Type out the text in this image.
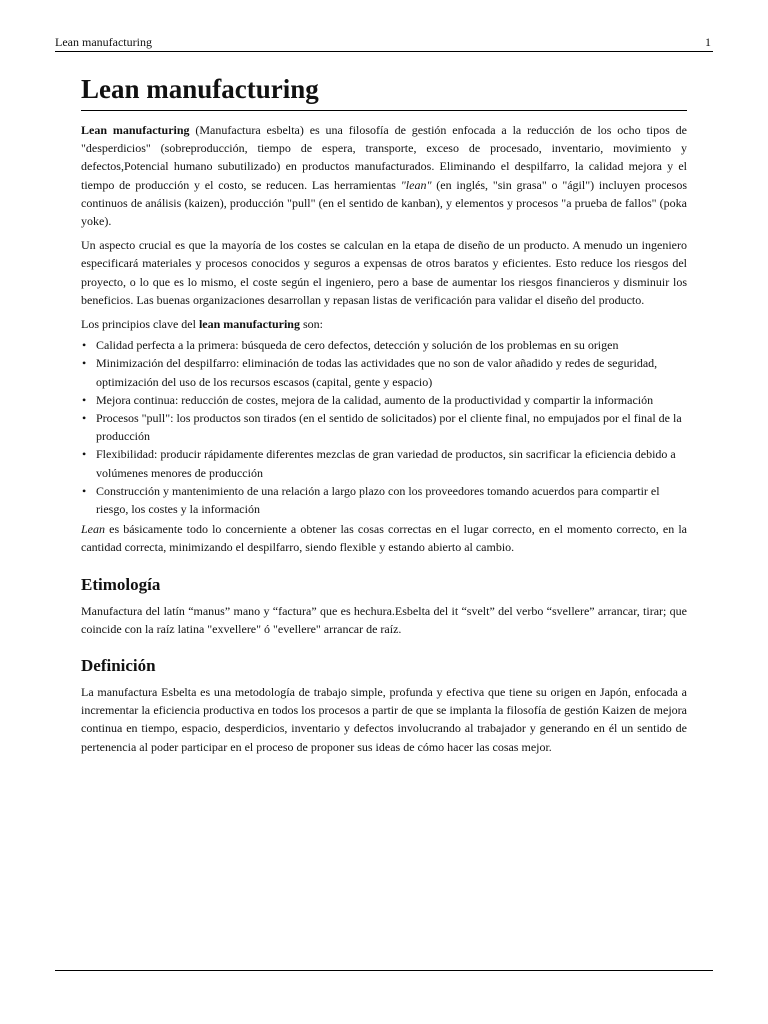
Lean manufacturing	1
Lean manufacturing

Lean manufacturing (Manufactura esbelta) es una filosofía de gestión enfocada a la reducción de los ocho tipos de "desperdicios" (sobreproducción, tiempo de espera, transporte, exceso de procesado, inventario, movimiento y defectos,Potencial humano subutilizado) en productos manufacturados. Eliminando el despilfarro, la calidad mejora y el tiempo de producción y el costo, se reducen. Las herramientas "lean" (en inglés, "sin grasa" o "ágil") incluyen procesos continuos de análisis (kaizen), producción "pull" (en el sentido de kanban), y elementos y procesos "a prueba de fallos" (poka yoke).

Un aspecto crucial es que la mayoría de los costes se calculan en la etapa de diseño de un producto. A menudo un ingeniero especificará materiales y procesos conocidos y seguros a expensas de otros baratos y eficientes. Esto reduce los riesgos del proyecto, o lo que es lo mismo, el coste según el ingeniero, pero a base de aumentar los riesgos financieros y disminuir los beneficios. Las buenas organizaciones desarrollan y repasan listas de verificación para validar el diseño del producto.

Los principios clave del lean manufacturing son:

• Calidad perfecta a la primera: búsqueda de cero defectos, detección y solución de los problemas en su origen
• Minimización del despilfarro: eliminación de todas las actividades que no son de valor añadido y redes de seguridad, optimización del uso de los recursos escasos (capital, gente y espacio)
• Mejora continua: reducción de costes, mejora de la calidad, aumento de la productividad y compartir la información
• Procesos "pull": los productos son tirados (en el sentido de solicitados) por el cliente final, no empujados por el final de la producción
• Flexibilidad: producir rápidamente diferentes mezclas de gran variedad de productos, sin sacrificar la eficiencia debido a volúmenes menores de producción
• Construcción y mantenimiento de una relación a largo plazo con los proveedores tomando acuerdos para compartir el riesgo, los costes y la información

Lean es básicamente todo lo concerniente a obtener las cosas correctas en el lugar correcto, en el momento correcto, en la cantidad correcta, minimizando el despilfarro, siendo flexible y estando abierto al cambio.

Etimología

Manufactura del latín “manus” mano y “factura” que es hechura.Esbelta del it “svelt” del verbo “svellere” arrancar, tirar; que coincide con la raíz latina "exvellere" ó "evellere" arrancar de raíz.

Definición

La manufactura Esbelta es una metodología de trabajo simple, profunda y efectiva que tiene su origen en Japón, enfocada a incrementar la eficiencia productiva en todos los procesos a partir de que se implanta la filosofía de gestión Kaizen de mejora continua en tiempo, espacio, desperdicios, inventario y defectos involucrando al trabajador y generando en él un sentido de pertenencia al poder participar en el proceso de proponer sus ideas de cómo hacer las cosas mejor.
